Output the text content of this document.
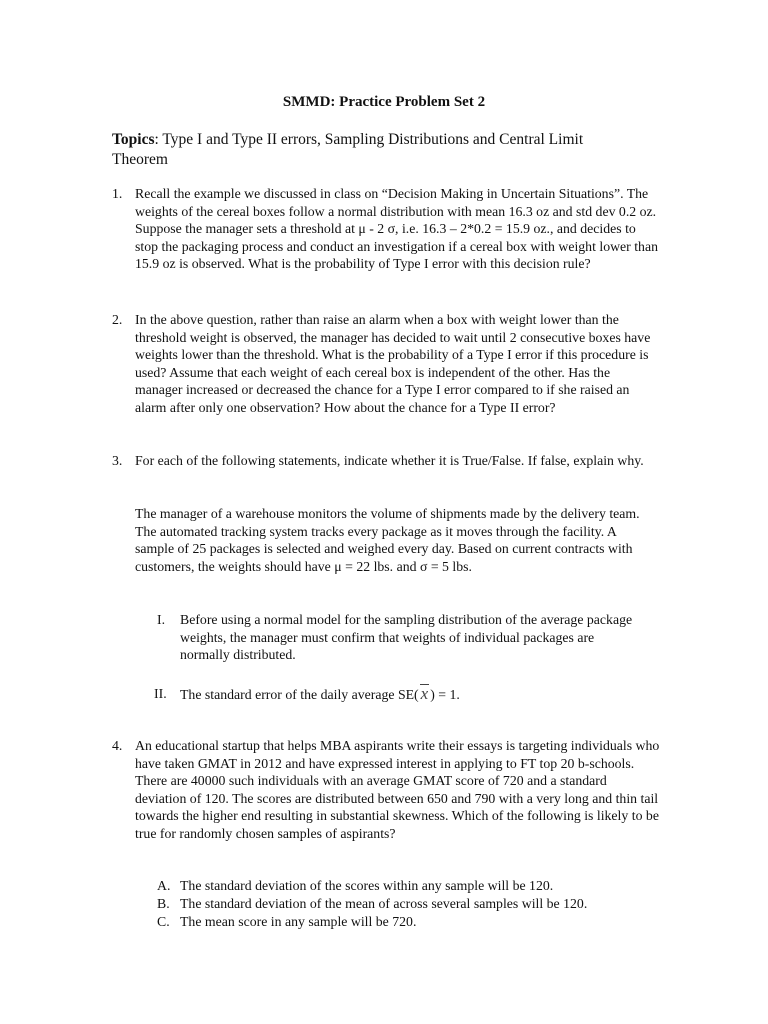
SMMD: Practice Problem Set 2
Topics: Type I and Type II errors, Sampling Distributions and Central Limit Theorem
1. Recall the example we discussed in class on “Decision Making in Uncertain Situations”. The weights of the cereal boxes follow a normal distribution with mean 16.3 oz and std dev 0.2 oz. Suppose the manager sets a threshold at μ - 2 σ, i.e. 16.3 – 2*0.2 = 15.9 oz., and decides to stop the packaging process and conduct an investigation if a cereal box with weight lower than 15.9 oz is observed. What is the probability of Type I error with this decision rule?
2. In the above question, rather than raise an alarm when a box with weight lower than the threshold weight is observed, the manager has decided to wait until 2 consecutive boxes have weights lower than the threshold. What is the probability of a Type I error if this procedure is used? Assume that each weight of each cereal box is independent of the other. Has the manager increased or decreased the chance for a Type I error compared to if she raised an alarm after only one observation? How about the chance for a Type II error?
3. For each of the following statements, indicate whether it is True/False. If false, explain why.
The manager of a warehouse monitors the volume of shipments made by the delivery team. The automated tracking system tracks every package as it moves through the facility. A sample of 25 packages is selected and weighed every day. Based on current contracts with customers, the weights should have μ = 22 lbs. and σ = 5 lbs.
I. Before using a normal model for the sampling distribution of the average package weights, the manager must confirm that weights of individual packages are normally distributed.
II. The standard error of the daily average SE( x ) = 1.
4. An educational startup that helps MBA aspirants write their essays is targeting individuals who have taken GMAT in 2012 and have expressed interest in applying to FT top 20 b-schools. There are 40000 such individuals with an average GMAT score of 720 and a standard deviation of 120. The scores are distributed between 650 and 790 with a very long and thin tail towards the higher end resulting in substantial skewness. Which of the following is likely to be true for randomly chosen samples of aspirants?
A. The standard deviation of the scores within any sample will be 120.
B. The standard deviation of the mean of across several samples will be 120.
C. The mean score in any sample will be 720.
